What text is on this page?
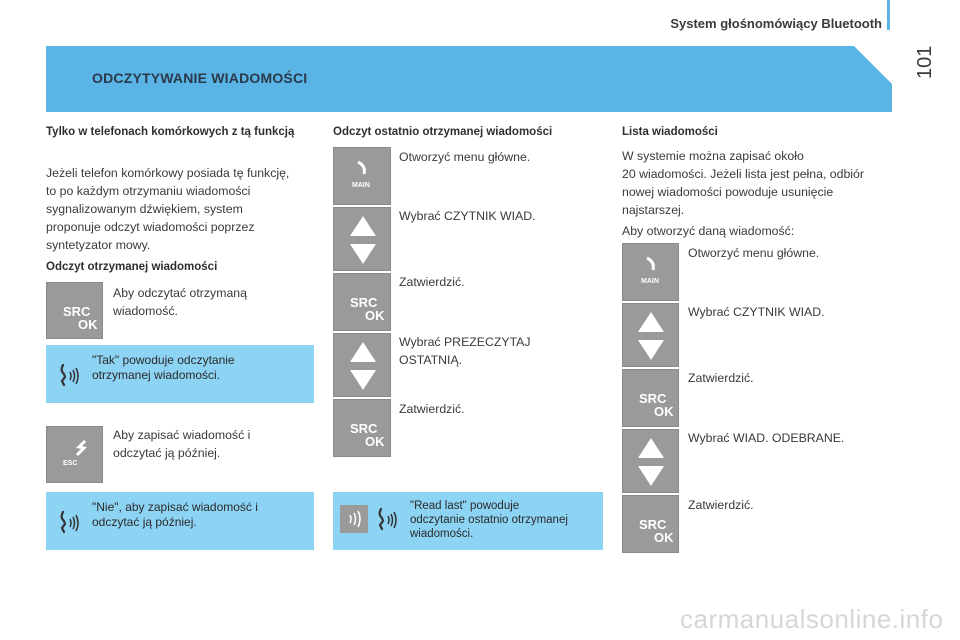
System głośnomówiący Bluetooth
101
ODCZYTYWANIE WIADOMOŚCI
Tylko w telefonach komórkowych z tą funkcją
Jeżeli telefon komórkowy posiada tę funkcję,
to po każdym otrzymaniu wiadomości
sygnalizowanym dźwiękiem, system
proponuje odczyt wiadomości poprzez
syntetyzator mowy.
Odczyt otrzymanej wiadomości
SRC
OK
Aby odczytać otrzymaną
wiadomość.
"Tak" powoduje odczytanie
otrzymanej wiadomości.
ESC
Aby zapisać wiadomość i
odczytać ją później.
"Nie", aby zapisać wiadomość i
odczytać ją później.
Odczyt ostatnio otrzymanej wiadomości
MAIN
SRC
OK
SRC
OK
Otworzyć menu główne.
Wybrać CZYTNIK WIAD.
Zatwierdzić.
Wybrać PREZECZYTAJ
OSTATNIĄ.
Zatwierdzić.
"Read last" powoduje
odczytanie ostatnio otrzymanej
wiadomości.
Lista wiadomości
W systemie można zapisać około
20 wiadomości. Jeżeli lista jest pełna, odbiór
nowej wiadomości powoduje usunięcie
najstarszej.
Aby otworzyć daną wiadomość:
MAIN
SRC
OK
SRC
OK
Otworzyć menu główne.
Wybrać CZYTNIK WIAD.
Zatwierdzić.
Wybrać WIAD. ODEBRANE.
Zatwierdzić.
carmanualsonline.info
